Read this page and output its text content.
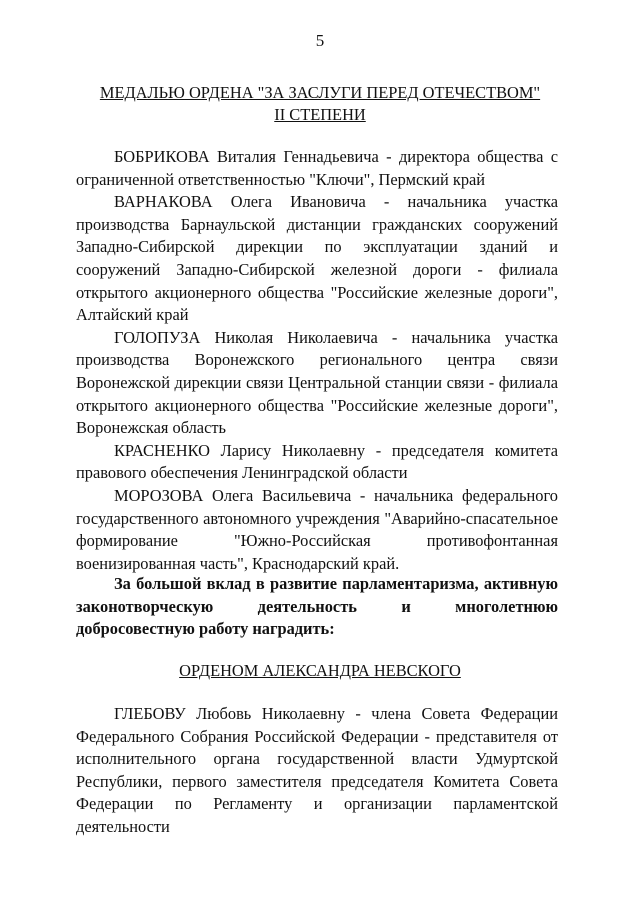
5
МЕДАЛЬЮ ОРДЕНА "ЗА ЗАСЛУГИ ПЕРЕД ОТЕЧЕСТВОМ"
II СТЕПЕНИ

БОБРИКОВА Виталия Геннадьевича - директора общества с ограниченной ответственностью "Ключи", Пермский край

ВАРНАКОВА Олега Ивановича - начальника участка производства Барнаульской дистанции гражданских сооружений Западно-Сибирской дирекции по эксплуатации зданий и сооружений Западно-Сибирской железной дороги - филиала открытого акционерного общества "Российские железные дороги", Алтайский край

ГОЛОПУЗА Николая Николаевича - начальника участка производства Воронежского регионального центра связи Воронежской дирекции связи Центральной станции связи - филиала открытого акционерного общества "Российские железные дороги", Воронежская область

КРАСНЕНКО Ларису Николаевну - председателя комитета правового обеспечения Ленинградской области

МОРОЗОВА Олега Васильевича - начальника федерального государственного автономного учреждения "Аварийно-спасательное формирование "Южно-Российская противофонтанная военизированная часть", Краснодарский край.

За большой вклад в развитие парламентаризма, активную законотворческую деятельность и многолетнюю добросовестную работу наградить:

ОРДЕНОМ АЛЕКСАНДРА НЕВСКОГО

ГЛЕБОВУ Любовь Николаевну - члена Совета Федерации Федерального Собрания Российской Федерации - представителя от исполнительного органа государственной власти Удмуртской Республики, первого заместителя председателя Комитета Совета Федерации по Регламенту и организации парламентской деятельности
